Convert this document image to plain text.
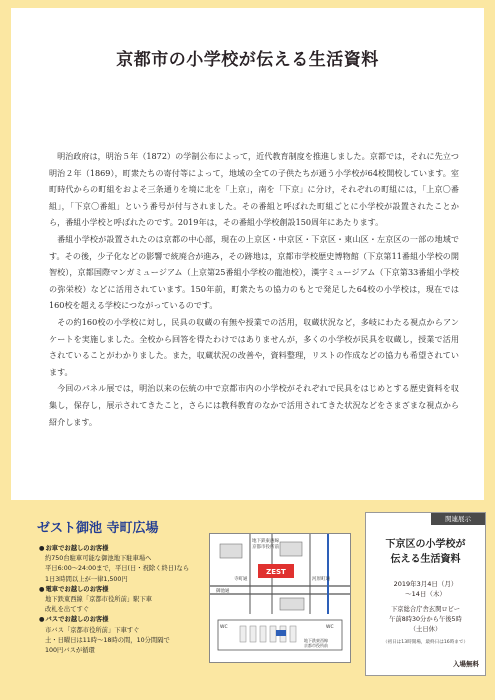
京都市の小学校が伝える生活資料

明治政府は，明治５年（1872）の学制公布によって，近代教育制度を推進しました。京都では，それに先立つ明治２年（1869），町衆たちの寄付等によって，地域の全ての子供たちが通う小学校が64校開校しています。室町時代からの町組をおよそ三条通りを境に北を「上京」，南を「下京」に分け，それぞれの町組には，「上京〇番組」，「下京〇番組」という番号が付与されました。その番組と呼ばれた町組ごとに小学校が設置されたことから，番組小学校と呼ばれたのです。2019年は，その番組小学校創設150周年にあたります。

番組小学校が設置されたのは京都の中心部，現在の上京区・中京区・下京区・東山区・左京区の一部の地域です。その後，少子化などの影響で統廃合が進み，その跡地は，京都市学校歴史博物館（下京第11番組小学校の開智校），京都国際マンガミュージアム（上京第25番組小学校の龍池校），漢字ミュージアム（下京第33番組小学校の弥栄校）などに活用されています。150年前，町衆たちの協力のもとで発足した64校の小学校は，現在では160校を超える学校につながっているのです。

その約160校の小学校に対し，民具の収蔵の有無や授業での活用，収蔵状況など，多岐にわたる視点からアンケートを実施しました。全校から回答を得たわけではありませんが，多くの小学校が民具を収蔵し，授業で活用されていることがわかりました。また，収蔵状況の改善や，資料整理，リストの作成などの協力も希望されています。

今回のパネル展では，明治以来の伝統の中で京都市内の小学校がそれぞれで民具をはじめとする歴史資料を収集し，保存し，展示されてきたこと，さらには教科教育のなかで活用されてきた状況などをさまざまな視点から紹介します。

ゼスト御池 寺町広場
● お車でお越しのお客様
約750台駐車可能な御池地下駐車場へ
平日6:00～24:00まで，平日(日・祝除く終日)なら
1日3時間以上が一律1,500円
● 電車でお越しのお客様
地下鉄東西線「京都市役所前」駅下車
改札を出てすぐ
● バスでお越しのお客様
市バス「京都市役所前」下車すぐ
土・日曜日は11時～18時の間，10分間隔で
100円バスが循環
ZEST
地下鉄東西線
京都市役所前
御池通
河原町通
寺町通
WC	WC
地下鉄東西線
京都市役所前
関連展示
下京区の小学校が
伝える生活資料
2019年3月4日（月）
～14日（木）
下京総合庁舎玄関ロビー
午前8時30分から午後5時
（土日休）
（初日は13時開場，最終日は16時まで）
入場無料
